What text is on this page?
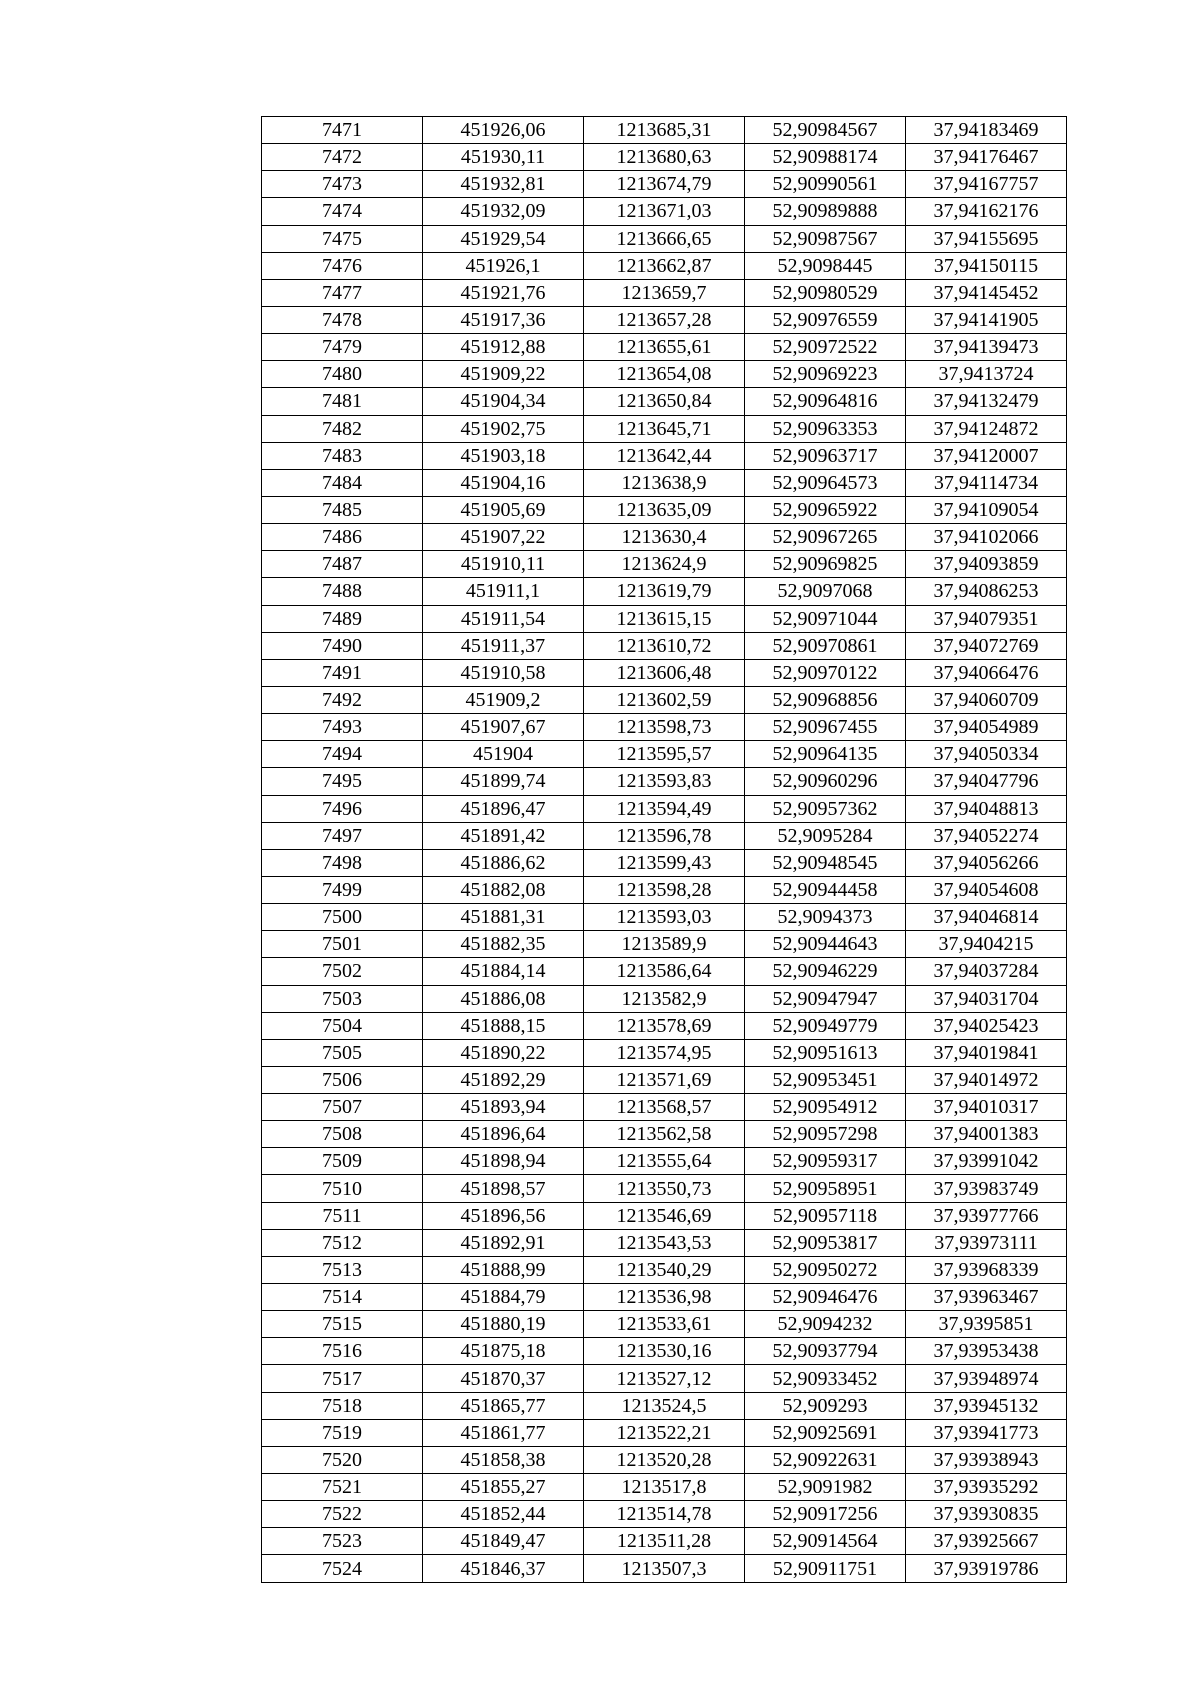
7471	451926,06	1213685,31	52,90984567	37,94183469
7472	451930,11	1213680,63	52,90988174	37,94176467
7473	451932,81	1213674,79	52,90990561	37,94167757
7474	451932,09	1213671,03	52,90989888	37,94162176
7475	451929,54	1213666,65	52,90987567	37,94155695
7476	451926,1	1213662,87	52,9098445	37,94150115
7477	451921,76	1213659,7	52,90980529	37,94145452
7478	451917,36	1213657,28	52,90976559	37,94141905
7479	451912,88	1213655,61	52,90972522	37,94139473
7480	451909,22	1213654,08	52,90969223	37,9413724
7481	451904,34	1213650,84	52,90964816	37,94132479
7482	451902,75	1213645,71	52,90963353	37,94124872
7483	451903,18	1213642,44	52,90963717	37,94120007
7484	451904,16	1213638,9	52,90964573	37,94114734
7485	451905,69	1213635,09	52,90965922	37,94109054
7486	451907,22	1213630,4	52,90967265	37,94102066
7487	451910,11	1213624,9	52,90969825	37,94093859
7488	451911,1	1213619,79	52,9097068	37,94086253
7489	451911,54	1213615,15	52,90971044	37,94079351
7490	451911,37	1213610,72	52,90970861	37,94072769
7491	451910,58	1213606,48	52,90970122	37,94066476
7492	451909,2	1213602,59	52,90968856	37,94060709
7493	451907,67	1213598,73	52,90967455	37,94054989
7494	451904	1213595,57	52,90964135	37,94050334
7495	451899,74	1213593,83	52,90960296	37,94047796
7496	451896,47	1213594,49	52,90957362	37,94048813
7497	451891,42	1213596,78	52,9095284	37,94052274
7498	451886,62	1213599,43	52,90948545	37,94056266
7499	451882,08	1213598,28	52,90944458	37,94054608
7500	451881,31	1213593,03	52,9094373	37,94046814
7501	451882,35	1213589,9	52,90944643	37,9404215
7502	451884,14	1213586,64	52,90946229	37,94037284
7503	451886,08	1213582,9	52,90947947	37,94031704
7504	451888,15	1213578,69	52,90949779	37,94025423
7505	451890,22	1213574,95	52,90951613	37,94019841
7506	451892,29	1213571,69	52,90953451	37,94014972
7507	451893,94	1213568,57	52,90954912	37,94010317
7508	451896,64	1213562,58	52,90957298	37,94001383
7509	451898,94	1213555,64	52,90959317	37,93991042
7510	451898,57	1213550,73	52,90958951	37,93983749
7511	451896,56	1213546,69	52,90957118	37,93977766
7512	451892,91	1213543,53	52,90953817	37,93973111
7513	451888,99	1213540,29	52,90950272	37,93968339
7514	451884,79	1213536,98	52,90946476	37,93963467
7515	451880,19	1213533,61	52,9094232	37,9395851
7516	451875,18	1213530,16	52,90937794	37,93953438
7517	451870,37	1213527,12	52,90933452	37,93948974
7518	451865,77	1213524,5	52,909293	37,93945132
7519	451861,77	1213522,21	52,90925691	37,93941773
7520	451858,38	1213520,28	52,90922631	37,93938943
7521	451855,27	1213517,8	52,9091982	37,93935292
7522	451852,44	1213514,78	52,90917256	37,93930835
7523	451849,47	1213511,28	52,90914564	37,93925667
7524	451846,37	1213507,3	52,90911751	37,93919786
